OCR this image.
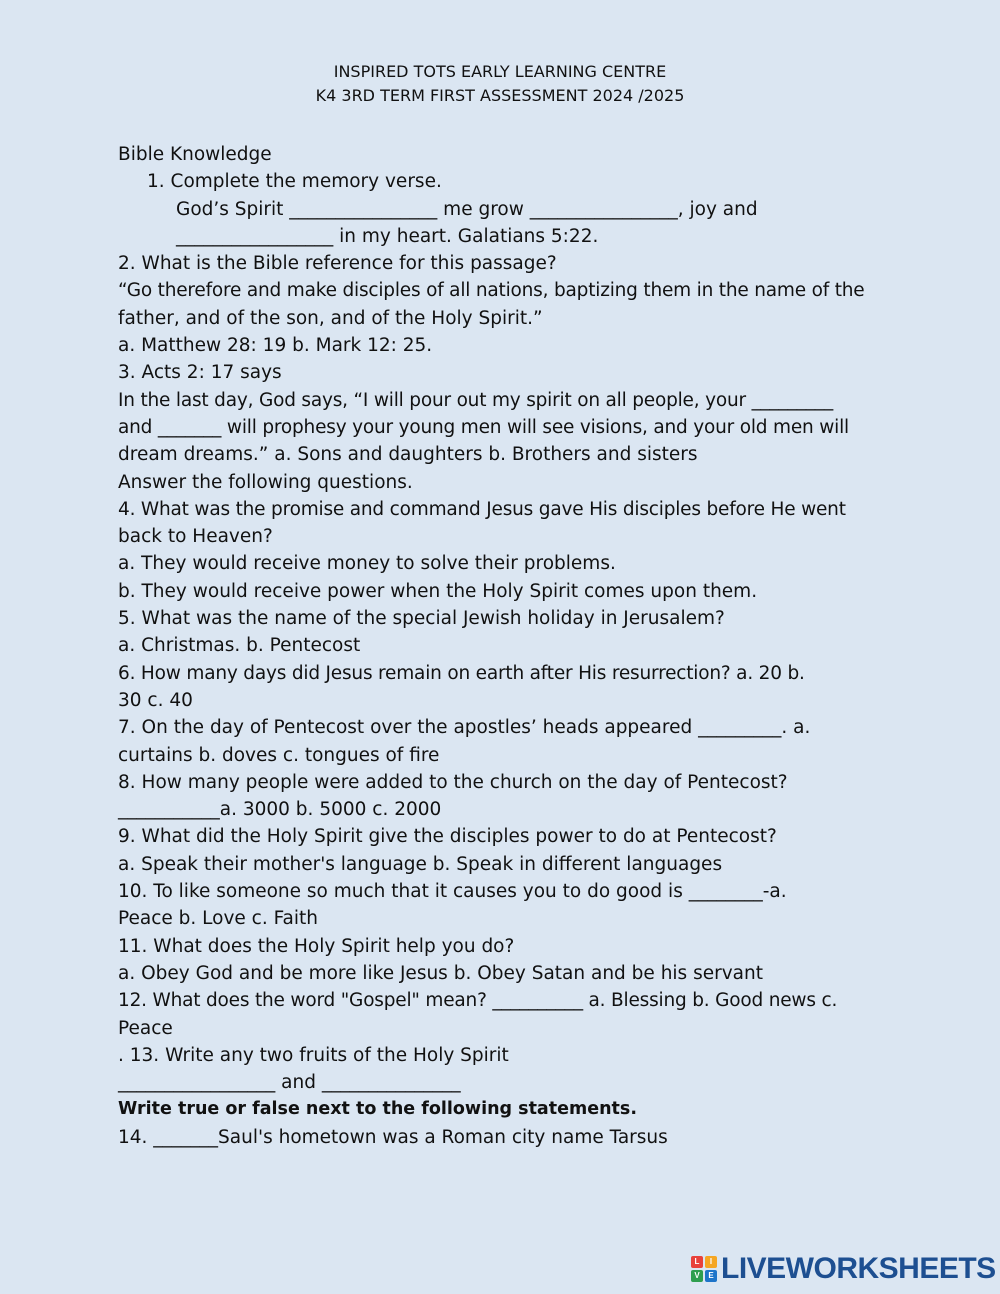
INSPIRED TOTS EARLY LEARNING CENTRE
K4 3RD TERM FIRST ASSESSMENT 2024 /2025
Bible Knowledge
1. Complete the memory verse.
God’s Spirit ________________ me grow ________________, joy and
_________________ in my heart. Galatians 5:22.
2. What is the Bible reference for this passage?
“Go therefore and make disciples of all nations, baptizing them in the name of the
father, and of the son, and of the Holy Spirit.”
a. Matthew 28: 19 b. Mark 12: 25.
3. Acts 2: 17 says
In the last day, God says, “I will pour out my spirit on all people, your _________
and _______ will prophesy your young men will see visions, and your old men will
dream dreams.” a. Sons and daughters b. Brothers and sisters
Answer the following questions.
4. What was the promise and command Jesus gave His disciples before He went
back to Heaven?
a. They would receive money to solve their problems.
b. They would receive power when the Holy Spirit comes upon them.
5. What was the name of the special Jewish holiday in Jerusalem?
a. Christmas. b. Pentecost
6. How many days did Jesus remain on earth after His resurrection? a. 20 b.
30 c. 40
7. On the day of Pentecost over the apostles’ heads appeared _________. a.
curtains b. doves c. tongues of fire
8. How many people were added to the church on the day of Pentecost?
___________a. 3000 b. 5000 c. 2000
9. What did the Holy Spirit give the disciples power to do at Pentecost?
a. Speak their mother's language b. Speak in different languages
10. To like someone so much that it causes you to do good is ________-a.
Peace b. Love c. Faith
11. What does the Holy Spirit help you do?
a. Obey God and be more like Jesus b. Obey Satan and be his servant
12. What does the word "Gospel" mean? __________ a. Blessing b. Good news c.
Peace
. 13. Write any two fruits of the Holy Spirit
_________________ and _______________
Write true or false next to the following statements.
14. _______Saul's hometown was a Roman city name Tarsus
L	I
V	E LIVEWORKSHEETS
